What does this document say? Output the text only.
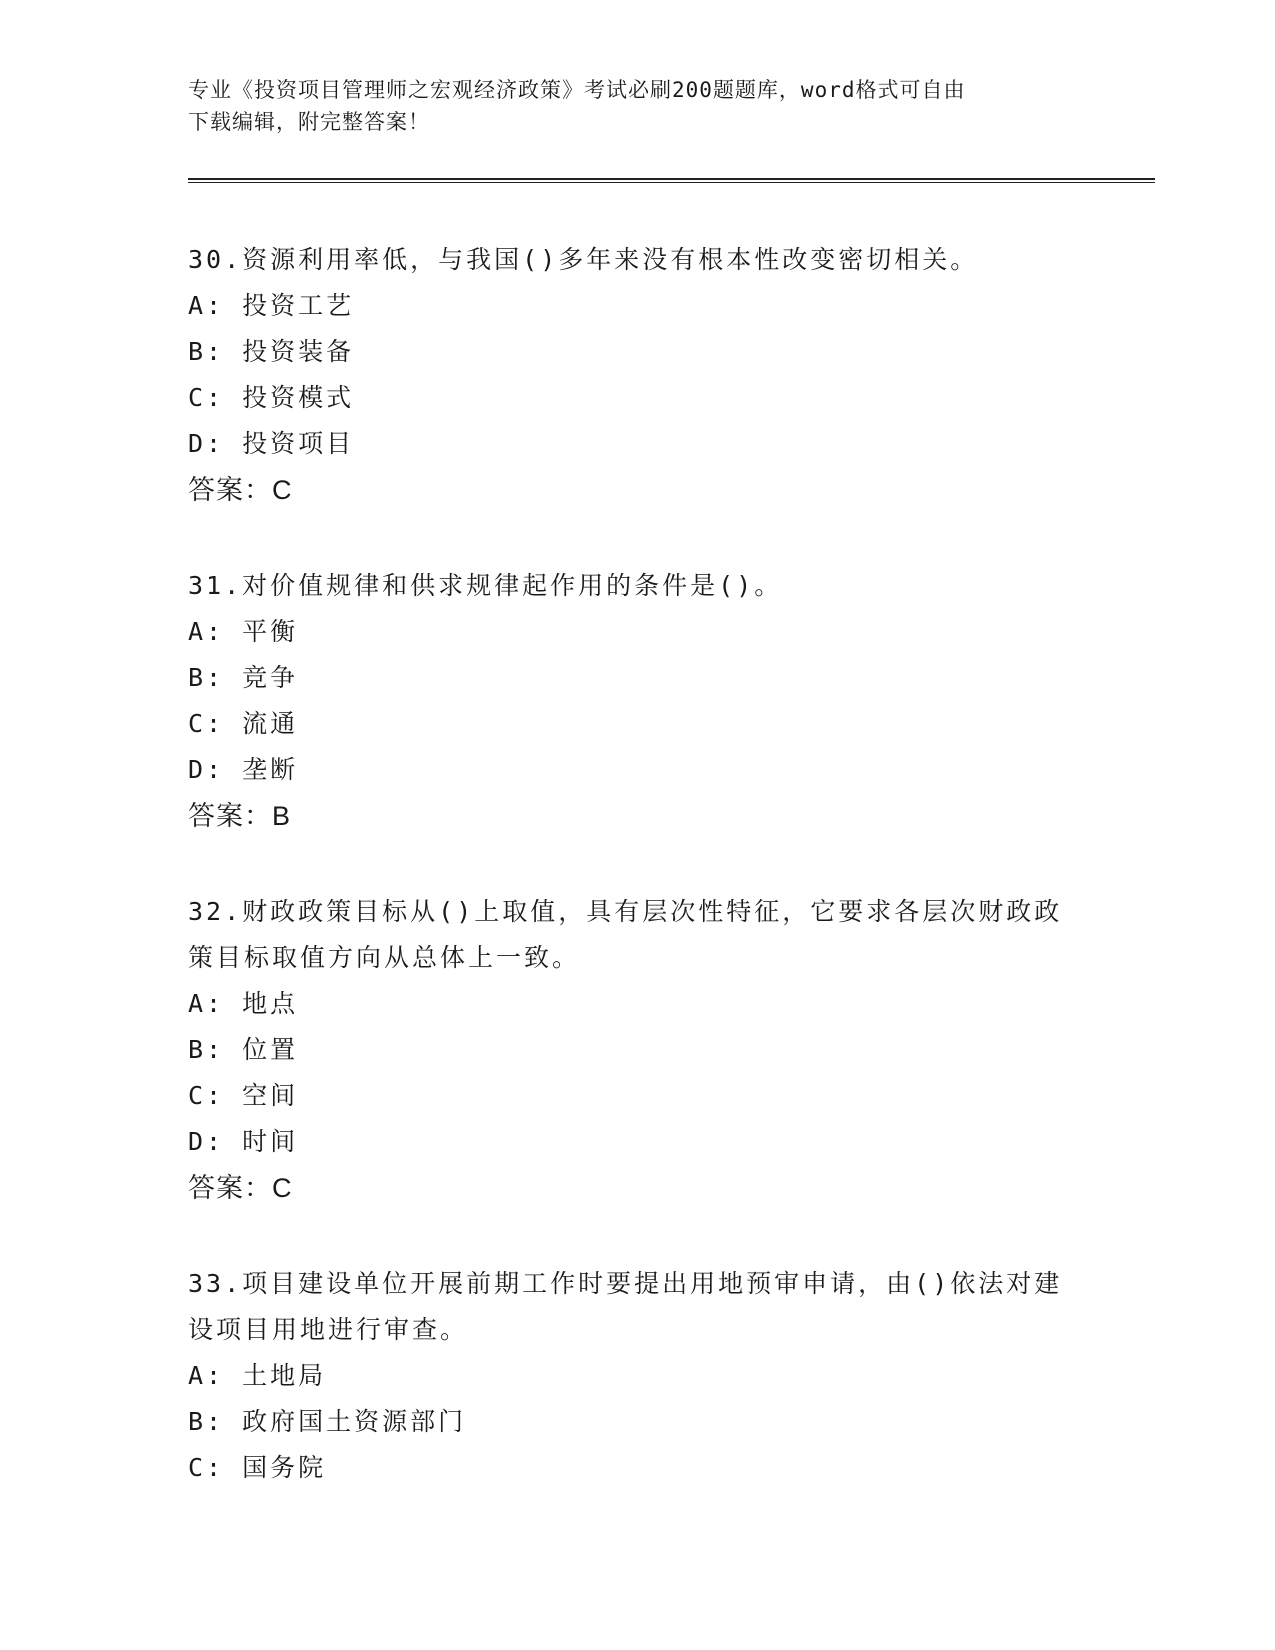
专业《投资项目管理师之宏观经济政策》考试必刷200题题库，word格式可自由
下载编辑，附完整答案！
30.资源利用率低，与我国()多年来没有根本性改变密切相关。
A: 投资工艺
B: 投资装备
C: 投资模式
D: 投资项目
答案：C
31.对价值规律和供求规律起作用的条件是()。
A: 平衡
B: 竞争
C: 流通
D: 垄断
答案：B
32.财政政策目标从()上取值，具有层次性特征，它要求各层次财政政策目标取值方向从总体上一致。
A: 地点
B: 位置
C: 空间
D: 时间
答案：C
33.项目建设单位开展前期工作时要提出用地预审申请，由()依法对建设项目用地进行审查。
A: 土地局
B: 政府国土资源部门
C: 国务院
